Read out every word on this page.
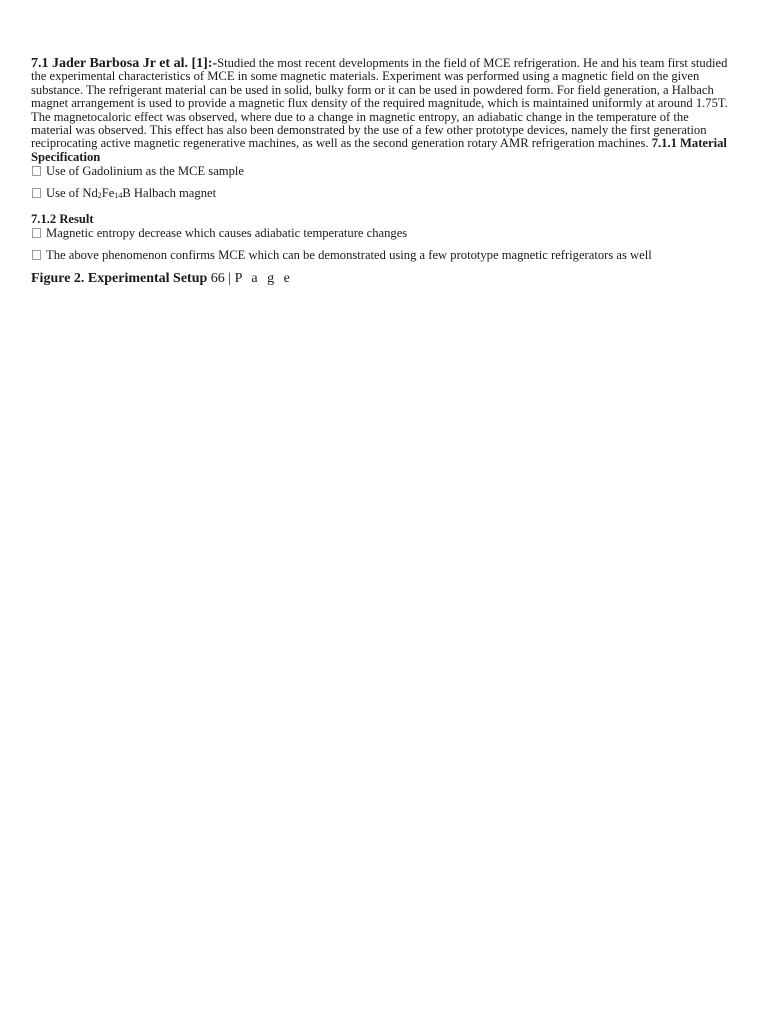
7.1 Jader Barbosa Jr et al. [1]:-Studied the most recent developments in the field of MCE refrigeration. He and his team first studied the experimental characteristics of MCE in some magnetic materials. Experiment was performed using a magnetic field on the given substance. The refrigerant material can be used in solid, bulky form or it can be used in powdered form. For field generation, a Halbach magnet arrangement is used to provide a magnetic flux density of the required magnitude, which is maintained uniformly at around 1.75T. The magnetocaloric effect was observed, where due to a change in magnetic entropy, an adiabatic change in the temperature of the material was observed. This effect has also been demonstrated by the use of a few other prototype devices, namely the first generation reciprocating active magnetic regenerative machines, as well as the second generation rotary AMR refrigeration machines. 7.1.1 Material Specification

Use of Gadolinium as the MCE sample

Use of Nd2Fe14B Halbach magnet

7.1.2 Result

Magnetic entropy decrease which causes adiabatic temperature changes

The above phenomenon confirms MCE which can be demonstrated using a few prototype magnetic refrigerators as well

Figure 2. Experimental Setup 66 | P a g e
